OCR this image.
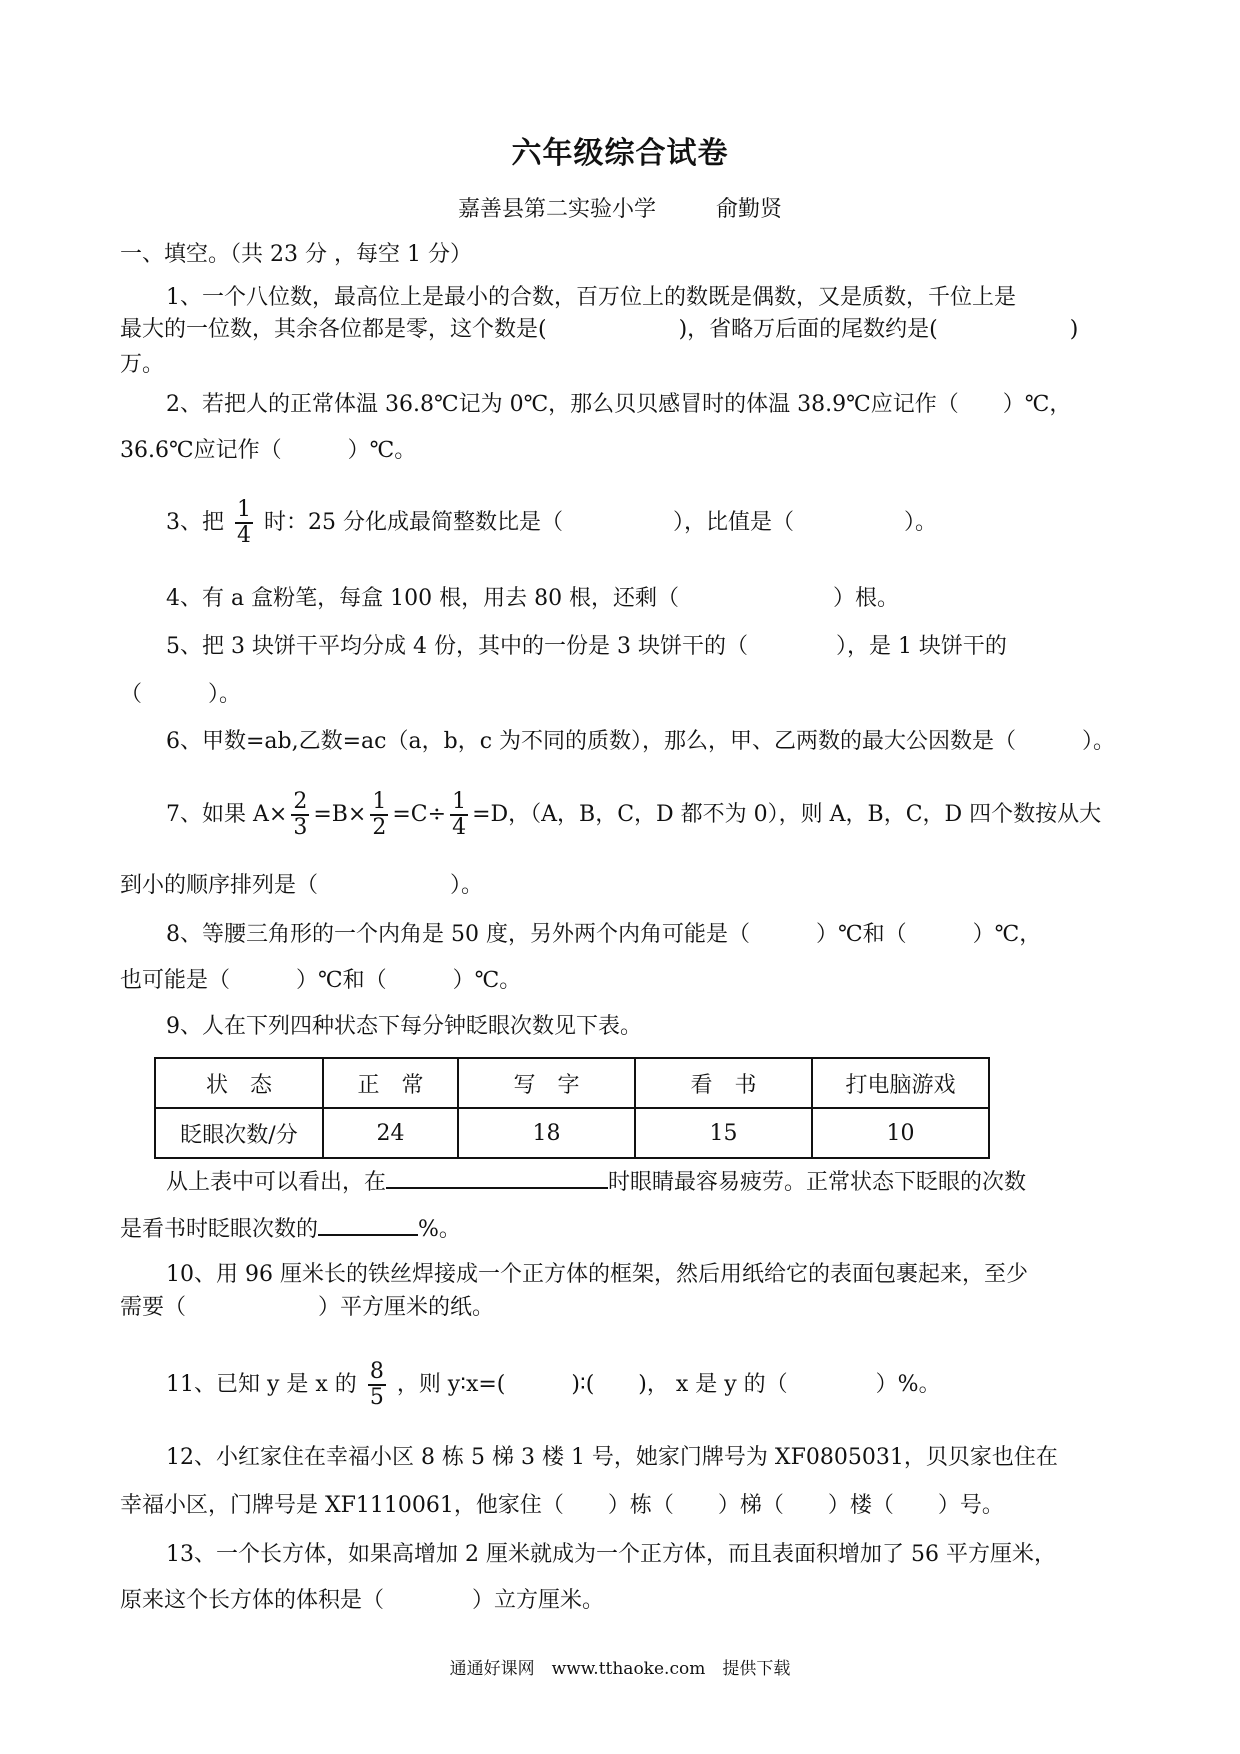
六年级综合试卷
嘉善县第二实验小学	俞勤贤
一、填空。（共 23 分 ，每空 1 分）
1、一个八位数，最高位上是最小的合数，百万位上的数既是偶数，又是质数，千位上是
最大的一位数，其余各位都是零，这个数是(　　　　　　)，省略万后面的尾数约是(　　　　　　)
万。
2、若把人的正常体温 36.8℃记为 0℃，那么贝贝感冒时的体温 38.9℃应记作（　　）℃，
36.6℃应记作（　　　）℃。
3、把 $\frac{1}{4}$ 时：25 分化成最简整数比是（　　　　　），比值是（　　　　　）。
4、有 a 盒粉笔，每盒 100 根，用去 80 根，还剩（　　　　　　　）根。
5、把 3 块饼干平均分成 4 份，其中的一份是 3 块饼干的（　　　　），是 1 块饼干的
（　　　）。
6、甲数=ab,乙数=ac（a，b，c 为不同的质数），那么，甲、乙两数的最大公因数是（　　　）。
7、如果 $A\times \frac{2}{3} =B\times \frac{1}{2} =C\div \frac{1}{4} =D$，（A，B，C，D 都不为 0），则 A，B，C，D 四个数按从大
到小的顺序排列是（　　　　　　）。
8、等腰三角形的一个内角是 50 度，另外两个内角可能是（　　　）℃和（　　　）℃，
也可能是（　　　）℃和（　　　）℃。
9、人在下列四种状态下每分钟眨眼次数见下表。
状　态	正　常	写　字	看　书	打电脑游戏
眨眼次数/分	24	18	15	10
从上表中可以看出，在	时眼睛最容易疲劳。正常状态下眨眼的次数
是看书时眨眼次数的	%。
10、用 96 厘米长的铁丝焊接成一个正方体的框架，然后用纸给它的表面包裹起来，至少
需要（　　　　　　）平方厘米的纸。
11、已知 y 是 x 的 $\frac{8}{5}$ ，则 y∶x=(　　　)∶(　　)， x 是 y 的（　　　　）%。
12、小红家住在幸福小区 8 栋 5 梯 3 楼 1 号，她家门牌号为 XF0805031，贝贝家也住在
幸福小区，门牌号是 XF1110061，他家住（　　）栋（　　）梯（　　）楼（　　）号。
13、一个长方体，如果高增加 2 厘米就成为一个正方体，而且表面积增加了 56 平方厘米，
原来这个长方体的体积是（　　　　）立方厘米。
通通好课网　www.tthaoke.com　提供下载
